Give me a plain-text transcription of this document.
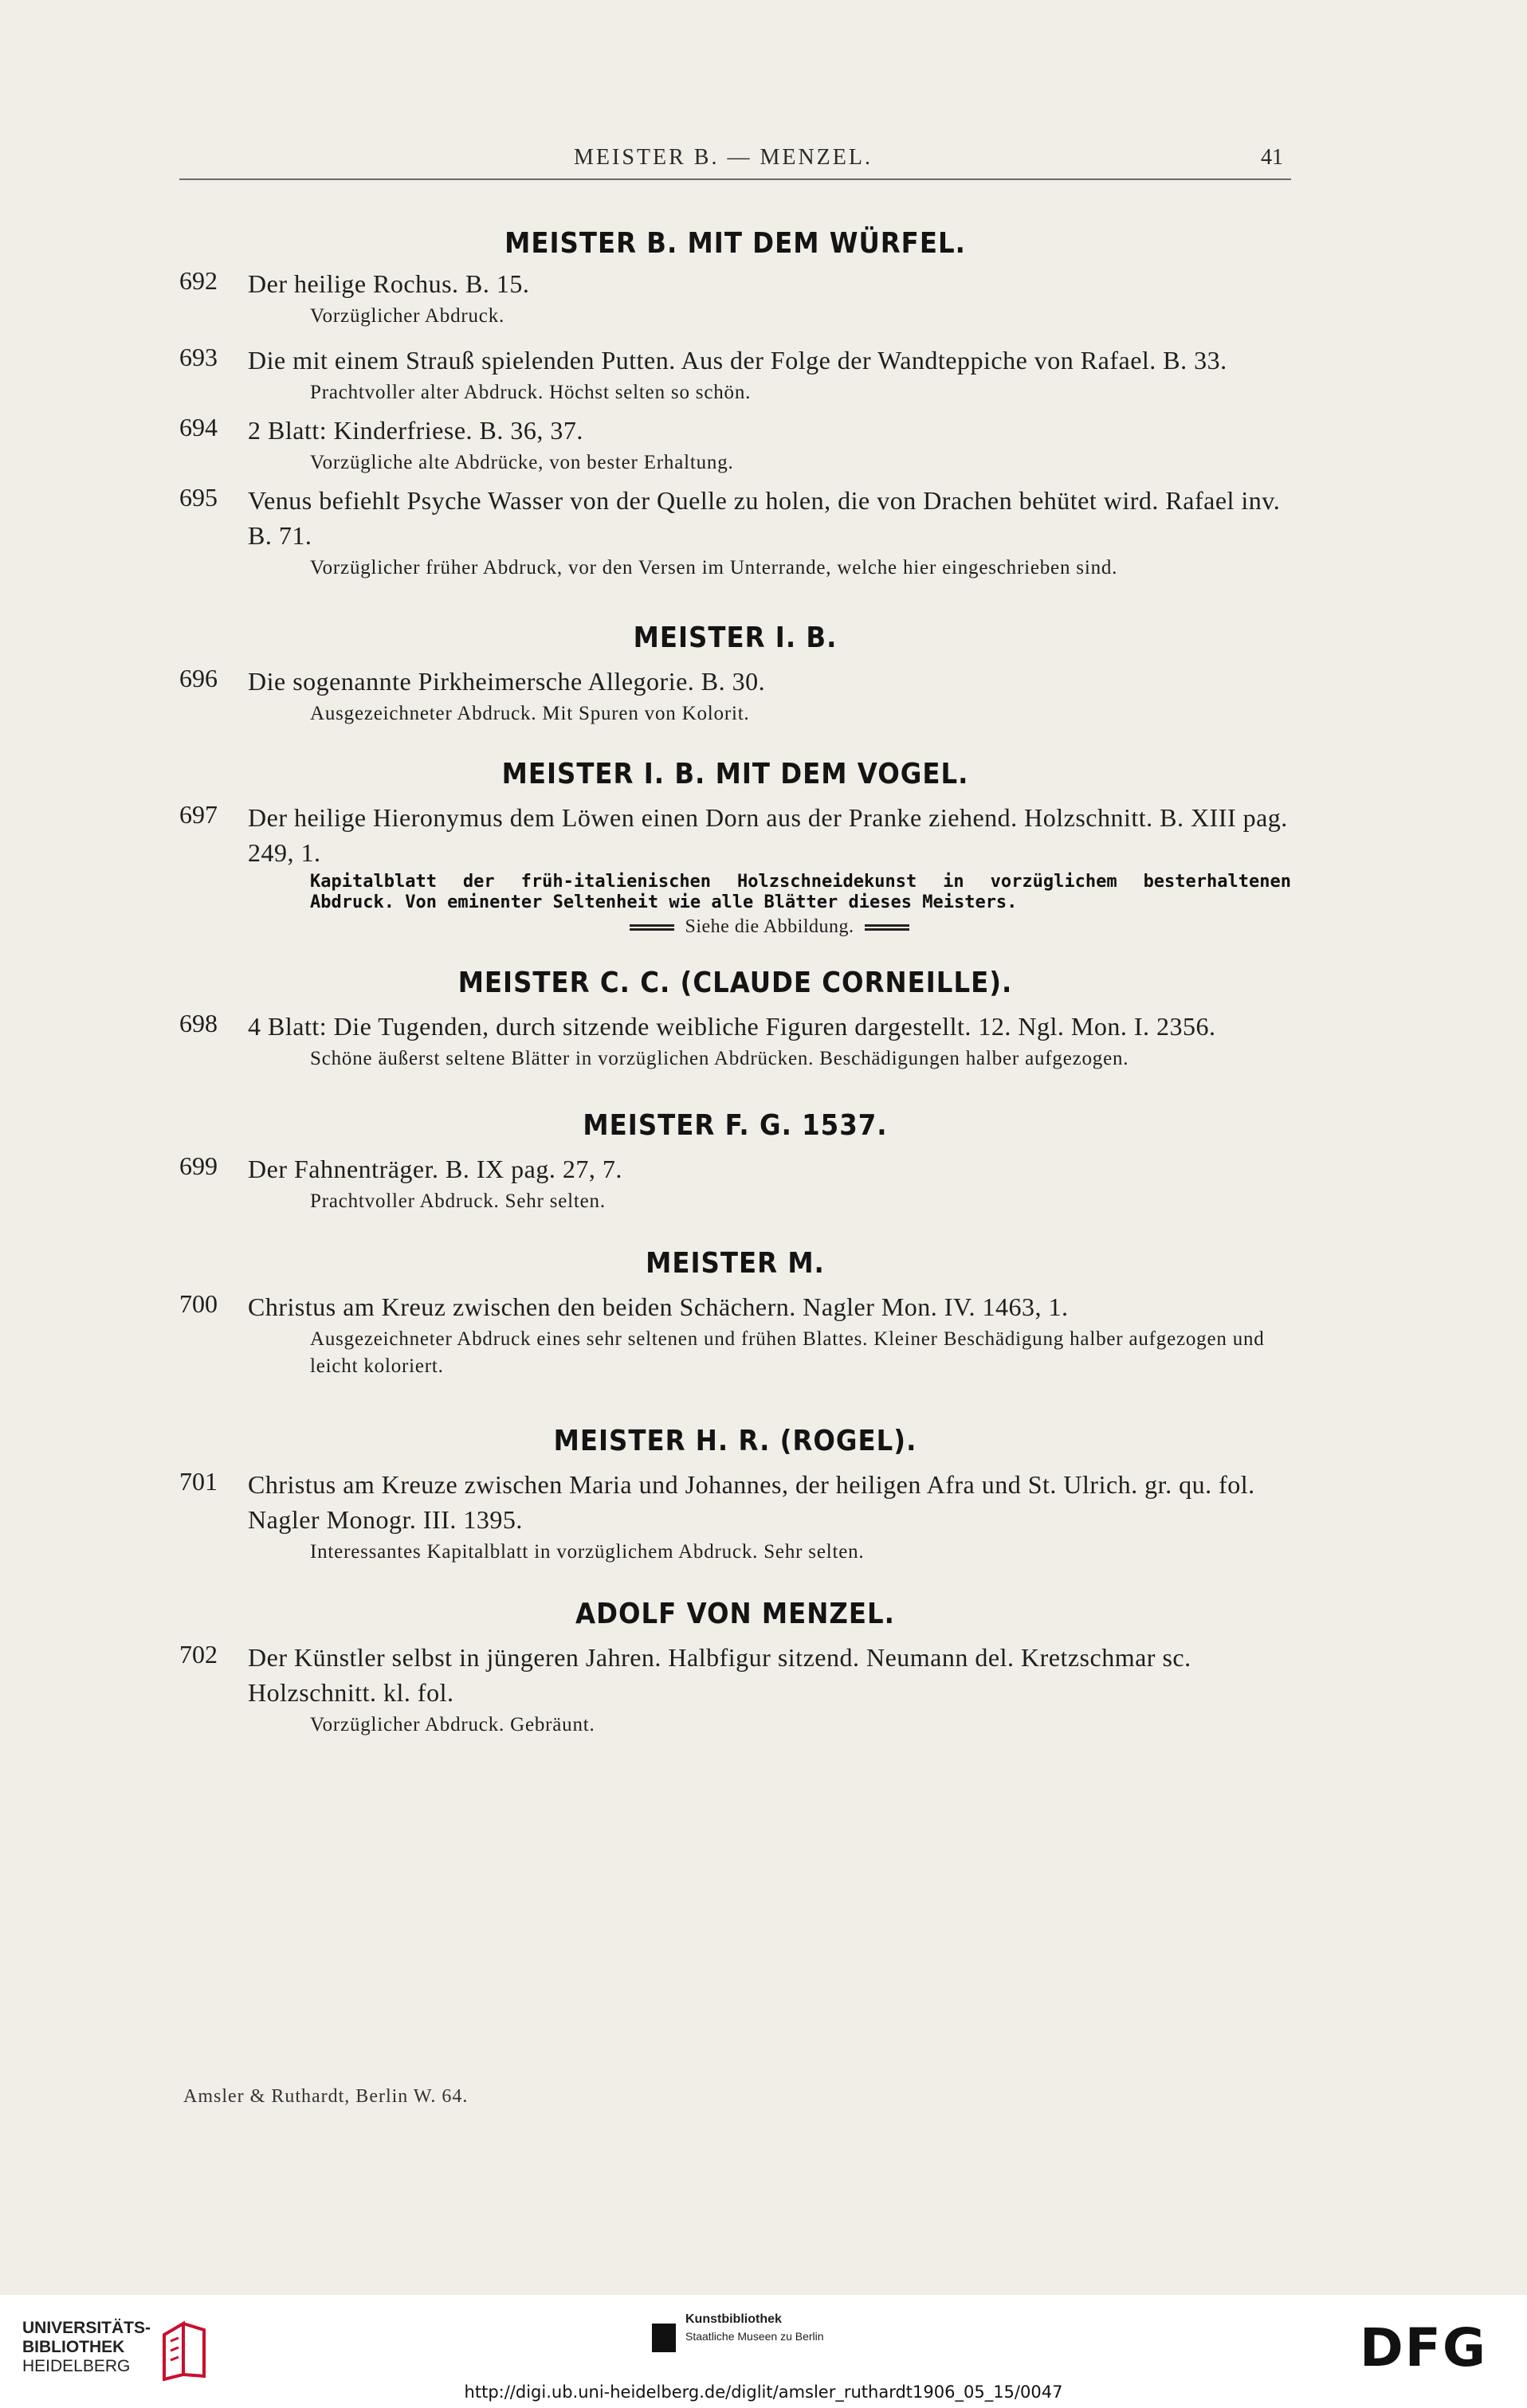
MEISTER B. — MENZEL.	41
MEISTER B. MIT DEM WÜRFEL.
692 Der heilige Rochus. B. 15.
Vorzüglicher Abdruck.
693 Die mit einem Strauß spielenden Putten. Aus der Folge der Wandteppiche von Rafael. B. 33.
Prachtvoller alter Abdruck. Höchst selten so schön.
694 2 Blatt: Kinderfriese. B. 36, 37.
Vorzügliche alte Abdrücke, von bester Erhaltung.
695 Venus befiehlt Psyche Wasser von der Quelle zu holen, die von Drachen behütet wird. Rafael inv. B. 71.
Vorzüglicher früher Abdruck, vor den Versen im Unterrande, welche hier eingeschrieben sind.
MEISTER I. B.
696 Die sogenannte Pirkheimersche Allegorie. B. 30.
Ausgezeichneter Abdruck. Mit Spuren von Kolorit.
MEISTER I. B. MIT DEM VOGEL.
697 Der heilige Hieronymus dem Löwen einen Dorn aus der Pranke ziehend. Holzschnitt. B. XIII pag. 249, 1.
Kapitalblatt der früh-italienischen Holzschneidekunst in vorzüglichem besterhaltenen Abdruck. Von eminenter Seltenheit wie alle Blätter dieses Meisters.
Siehe die Abbildung.
MEISTER C. C. (CLAUDE CORNEILLE).
698 4 Blatt: Die Tugenden, durch sitzende weibliche Figuren dargestellt. 12. Ngl. Mon. I. 2356.
Schöne äußerst seltene Blätter in vorzüglichen Abdrücken. Beschädigungen halber aufgezogen.
MEISTER F. G. 1537.
699 Der Fahnenträger. B. IX pag. 27, 7.
Prachtvoller Abdruck. Sehr selten.
MEISTER M.
700 Christus am Kreuz zwischen den beiden Schächern. Nagler Mon. IV. 1463, 1.
Ausgezeichneter Abdruck eines sehr seltenen und frühen Blattes. Kleiner Beschädigung halber aufgezogen und leicht koloriert.
MEISTER H. R. (ROGEL).
701 Christus am Kreuze zwischen Maria und Johannes, der heiligen Afra und St. Ulrich. gr. qu. fol. Nagler Monogr. III. 1395.
Interessantes Kapitalblatt in vorzüglichem Abdruck. Sehr selten.
ADOLF VON MENZEL.
702 Der Künstler selbst in jüngeren Jahren. Halbfigur sitzend. Neumann del. Kretzschmar sc. Holzschnitt. kl. fol.
Vorzüglicher Abdruck. Gebräunt.
Amsler & Ruthardt, Berlin W. 64.
UNIVERSITÄTS-
BIBLIOTHEK
HEIDELBERG
Kunstbibliothek
Staatliche Museen zu Berlin	DFG
http://digi.ub.uni-heidelberg.de/diglit/amsler_ruthardt1906_05_15/0047
